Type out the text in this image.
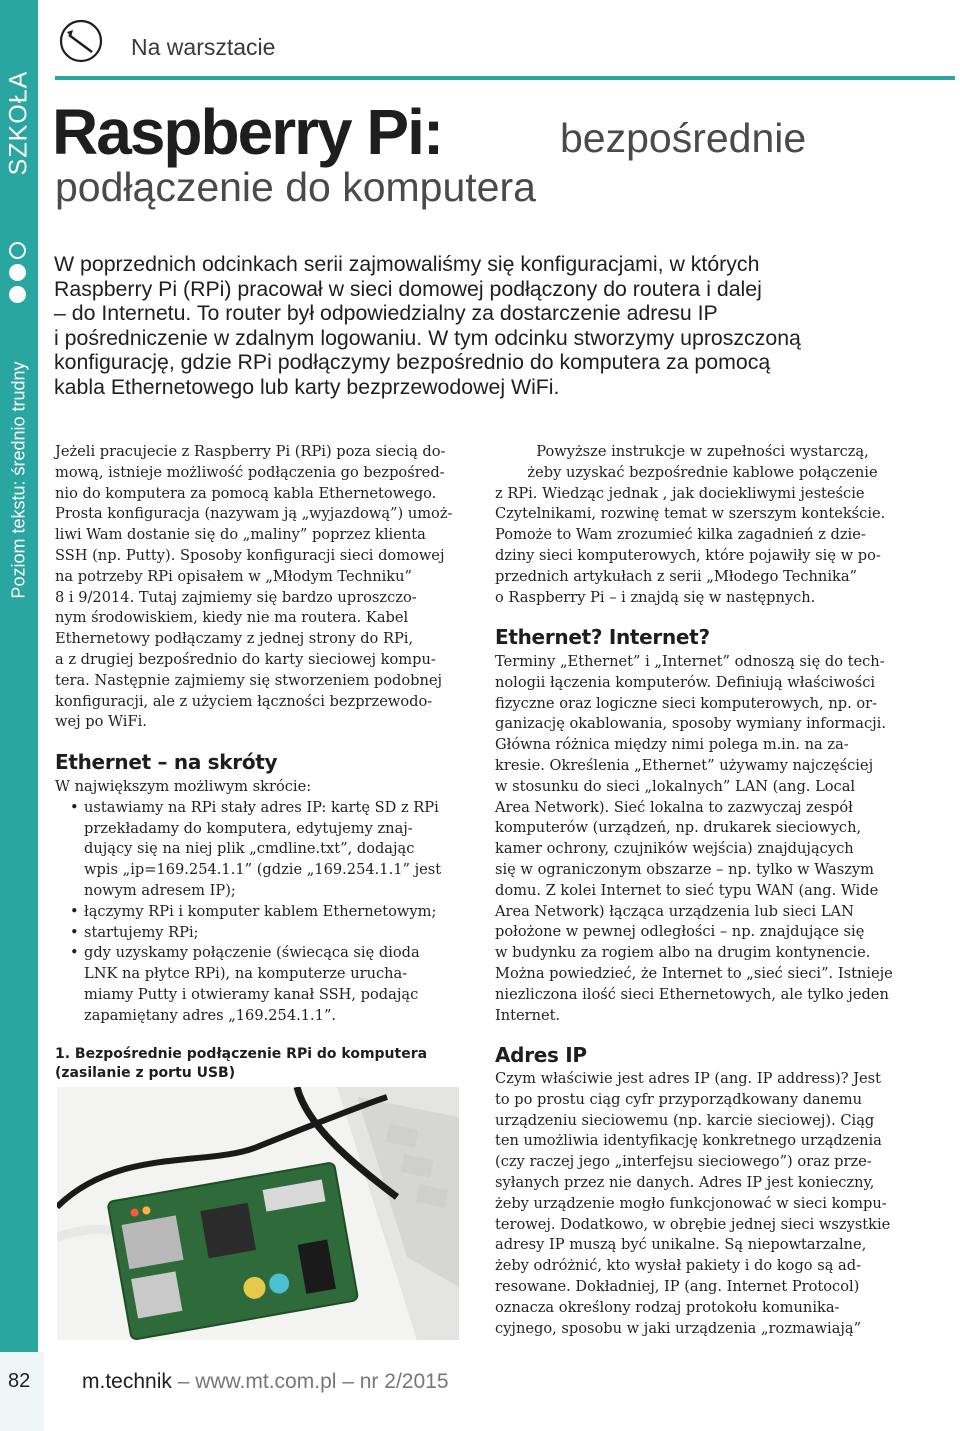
SZKOŁA
Poziom tekstu: średnio trudny
Na warsztacie
Raspberry Pi:	bezpośrednie
podłączenie do komputera
W poprzednich odcinkach serii zajmowaliśmy się konfiguracjami, w których
Raspberry Pi (RPi) pracował w sieci domowej podłączony do routera i dalej
– do Internetu. To router był odpowiedzialny za dostarczenie adresu IP
i pośredniczenie w zdalnym logowaniu. W tym odcinku stworzymy uproszczoną
konfigurację, gdzie RPi podłączymy bezpośrednio do komputera za pomocą
kabla Ethernetowego lub karty bezprzewodowej WiFi.
Jeżeli pracujecie z Raspberry Pi (RPi) poza siecią do-
mową, istnieje możliwość podłączenia go bezpośred-
nio do komputera za pomocą kabla Ethernetowego.
Prosta konfiguracja (nazywam ją „wyjazdową”) umoż-
liwi Wam dostanie się do „maliny” poprzez klienta
SSH (np. Putty). Sposoby konfiguracji sieci domowej
na potrzeby RPi opisałem w „Młodym Techniku”
8 i 9/2014. Tutaj zajmiemy się bardzo uproszczo-
nym środowiskiem, kiedy nie ma routera. Kabel
Ethernetowy podłączamy z jednej strony do RPi,
a z drugiej bezpośrednio do karty sieciowej kompu-
tera. Następnie zajmiemy się stworzeniem podobnej
konfiguracji, ale z użyciem łączności bezprzewodo-
wej po WiFi.
Ethernet – na skróty
W największym możliwym skrócie:
• ustawiamy na RPi stały adres IP: kartę SD z RPi
przekładamy do komputera, edytujemy znaj-
dujący się na niej plik „cmdline.txt”, dodając
wpis „ip=169.254.1.1” (gdzie „169.254.1.1” jest
nowym adresem IP);
• łączymy RPi i komputer kablem Ethernetowym;
• startujemy RPi;
• gdy uzyskamy połączenie (świecąca się dioda
LNK na płytce RPi), na komputerze urucha-
miamy Putty i otwieramy kanał SSH, podając
zapamiętany adres „169.254.1.1”.
1. Bezpośrednie podłączenie RPi do komputera
(zasilanie z portu USB)
Powyższe instrukcje w zupełności wystarczą,
żeby uzyskać bezpośrednie kablowe połączenie
z RPi. Wiedząc jednak , jak dociekliwymi jesteście
Czytelnikami, rozwinę temat w szerszym kontekście.
Pomoże to Wam zrozumieć kilka zagadnień z dzie-
dziny sieci komputerowych, które pojawiły się w po-
przednich artykułach z serii „Młodego Technika”
o Raspberry Pi – i znajdą się w następnych.
Ethernet? Internet?
Terminy „Ethernet” i „Internet” odnoszą się do tech-
nologii łączenia komputerów. Definiują właściwości
fizyczne oraz logiczne sieci komputerowych, np. or-
ganizację okablowania, sposoby wymiany informacji.
Główna różnica między nimi polega m.in. na za-
kresie. Określenia „Ethernet” używamy najczęściej
w stosunku do sieci „lokalnych” LAN (ang. Local
Area Network). Sieć lokalna to zazwyczaj zespół
komputerów (urządzeń, np. drukarek sieciowych,
kamer ochrony, czujników wejścia) znajdujących
się w ograniczonym obszarze – np. tylko w Waszym
domu. Z kolei Internet to sieć typu WAN (ang. Wide
Area Network) łącząca urządzenia lub sieci LAN
położone w pewnej odległości – np. znajdujące się
w budynku za rogiem albo na drugim kontynencie.
Można powiedzieć, że Internet to „sieć sieci”. Istnieje
niezliczona ilość sieci Ethernetowych, ale tylko jeden
Internet.
Adres IP
Czym właściwie jest adres IP (ang. IP address)? Jest
to po prostu ciąg cyfr przyporządkowany danemu
urządzeniu sieciowemu (np. karcie sieciowej). Ciąg
ten umożliwia identyfikację konkretnego urządzenia
(czy raczej jego „interfejsu sieciowego”) oraz prze-
syłanych przez nie danych. Adres IP jest konieczny,
żeby urządzenie mogło funkcjonować w sieci kompu-
terowej. Dodatkowo, w obrębie jednej sieci wszystkie
adresy IP muszą być unikalne. Są niepowtarzalne,
żeby odróżnić, kto wysłał pakiety i do kogo są ad-
resowane. Dokładniej, IP (ang. Internet Protocol)
oznacza określony rodzaj protokołu komunika-
cyjnego, sposobu w jaki urządzenia „rozmawiają”
82 m.technik – www.mt.com.pl – nr 2/2015
